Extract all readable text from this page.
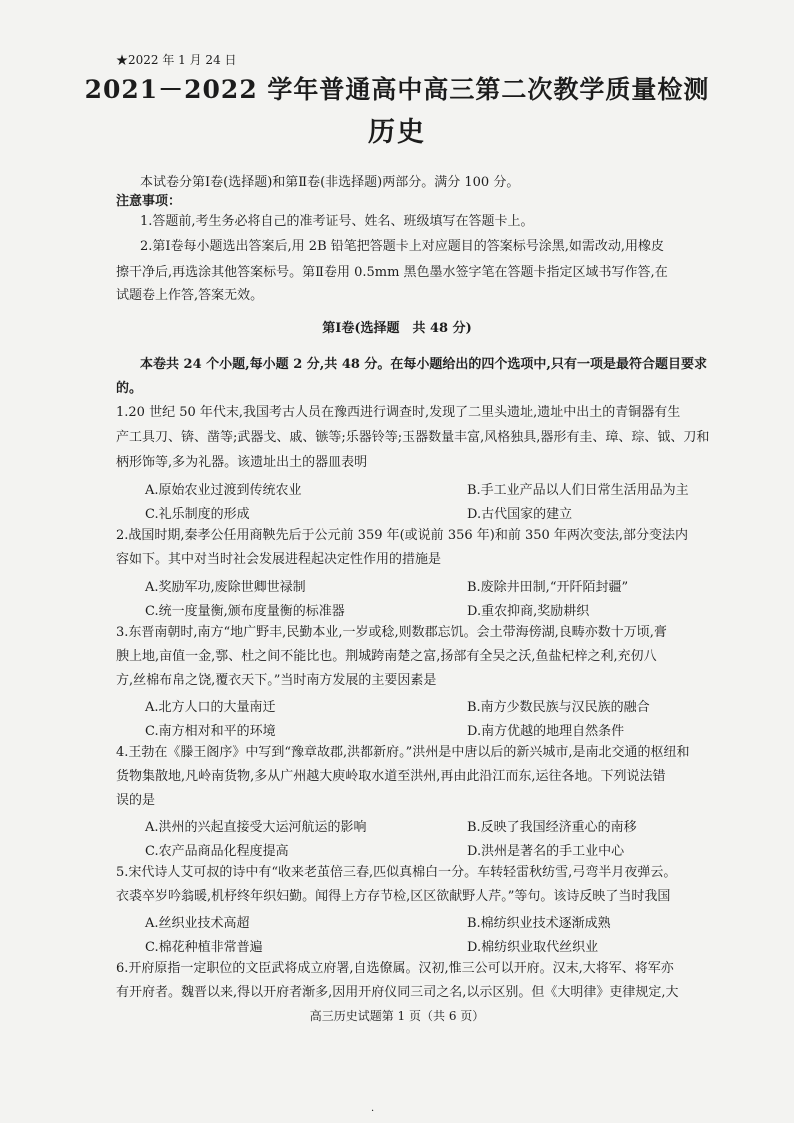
★2022 年 1 月 24 日
2021－2022 学年普通高中高三第二次教学质量检测
历史
本试卷分第Ⅰ卷(选择题)和第Ⅱ卷(非选择题)两部分。满分 100 分。
注意事项：
1.答题前,考生务必将自己的准考证号、姓名、班级填写在答题卡上。
2.第Ⅰ卷每小题选出答案后,用 2B 铅笔把答题卡上对应题目的答案标号涂黑,如需改动,用橡皮
擦干净后,再选涂其他答案标号。第Ⅱ卷用 0.5mm 黑色墨水签字笔在答题卡指定区域书写作答,在
试题卷上作答,答案无效。
第Ⅰ卷(选择题　共 48 分)
本卷共 24 个小题,每小题 2 分,共 48 分。在每小题给出的四个选项中,只有一项是最符合题目要求
的。
1.20 世纪 50 年代末,我国考古人员在豫西进行调查时,发现了二里头遗址,遗址中出土的青铜器有生
产工具刀、锛、凿等;武器戈、戚、镞等;乐器铃等;玉器数量丰富,风格独具,器形有圭、璋、琮、钺、刀和
柄形饰等,多为礼器。该遗址出土的器皿表明
A.原始农业过渡到传统农业	B.手工业产品以人们日常生活用品为主
C.礼乐制度的形成	D.古代国家的建立
2.战国时期,秦孝公任用商鞅先后于公元前 359 年(或说前 356 年)和前 350 年两次变法,部分变法内
容如下。其中对当时社会发展进程起决定性作用的措施是
A.奖励军功,废除世卿世禄制	B.废除井田制,“开阡陌封疆”
C.统一度量衡,颁布度量衡的标准器	D.重农抑商,奖励耕织
3.东晋南朝时,南方“地广野丰,民勤本业,一岁或稔,则数郡忘饥。会土带海傍湖,良畴亦数十万顷,膏
腴上地,亩值一金,鄠、杜之间不能比也。荆城跨南楚之富,扬部有全吴之沃,鱼盐杞梓之利,充仞八
方,丝棉布帛之饶,覆衣天下。”当时南方发展的主要因素是
A.北方人口的大量南迁	B.南方少数民族与汉民族的融合
C.南方相对和平的环境	D.南方优越的地理自然条件
4.王勃在《滕王阁序》中写到“豫章故郡,洪都新府。”洪州是中唐以后的新兴城市,是南北交通的枢纽和
货物集散地,凡岭南货物,多从广州越大庾岭取水道至洪州,再由此沿江而东,运往各地。下列说法错
误的是
A.洪州的兴起直接受大运河航运的影响	B.反映了我国经济重心的南移
C.农产品商品化程度提高	D.洪州是著名的手工业中心
5.宋代诗人艾可叔的诗中有“收来老茧倍三春,匹似真棉白一分。车转轻雷秋纺雪,弓弯半月夜弹云。
衣裘卒岁吟翁暖,机杼终年织妇勤。闻得上方存节检,区区欲献野人芹。”等句。该诗反映了当时我国
A.丝织业技术高超	B.棉纺织业技术逐渐成熟
C.棉花种植非常普遍	D.棉纺织业取代丝织业
6.开府原指一定职位的文臣武将成立府署,自选僚属。汉初,惟三公可以开府。汉末,大将军、将军亦
有开府者。魏晋以来,得以开府者渐多,因用开府仪同三司之名,以示区别。但《大明律》吏律规定,大
高三历史试题第 1 页（共 6 页）
·
